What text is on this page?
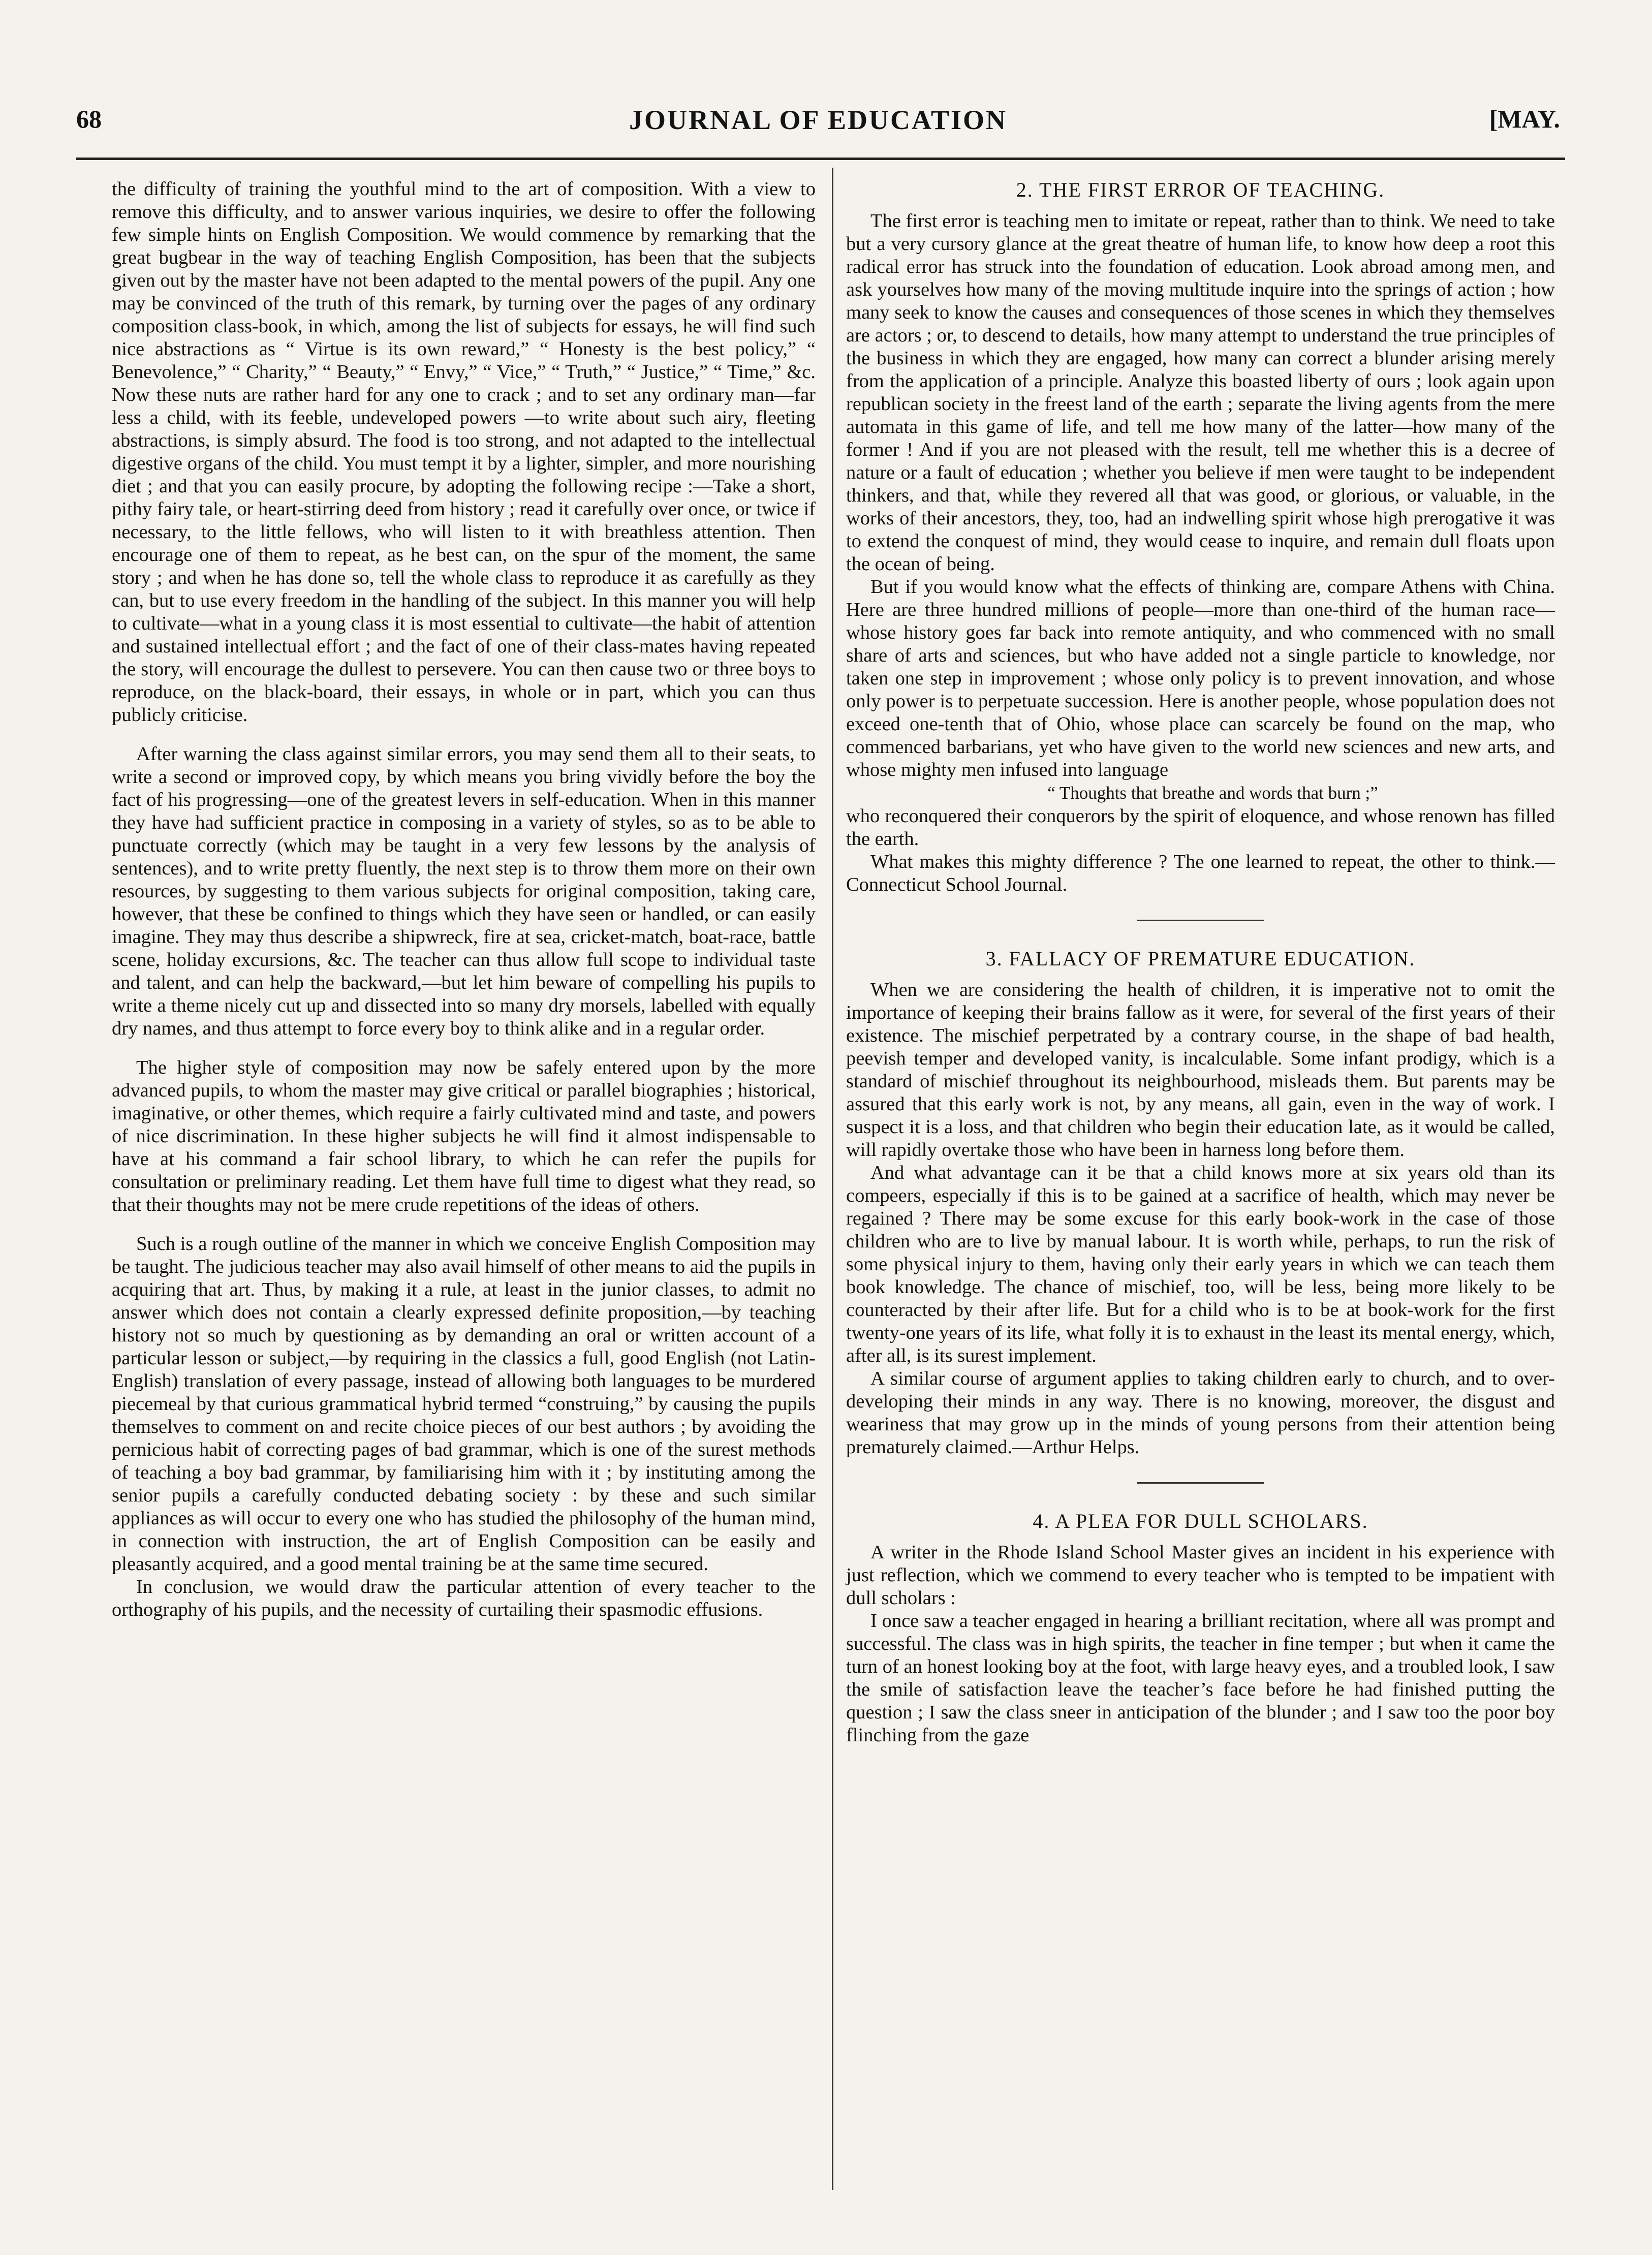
68	JOURNAL OF EDUCATION	[MAY.

the difficulty of training the youthful mind to the art of composition. With a view to remove this difficulty, and to answer various inquiries, we desire to offer the following few simple hints on English Composition. We would commence by remarking that the great bugbear in the way of teaching English Composition, has been that the subjects given out by the master have not been adapted to the mental powers of the pupil. Any one may be convinced of the truth of this remark, by turning over the pages of any ordinary composition class-book, in which, among the list of subjects for essays, he will find such nice abstractions as “ Virtue is its own reward,” “ Honesty is the best policy,” “ Benevolence,” “ Charity,” “ Beauty,” “ Envy,” “ Vice,” “ Truth,” “ Justice,” “ Time,” &c. Now these nuts are rather hard for any one to crack ; and to set any ordinary man—far less a child, with its feeble, undeveloped powers —to write about such airy, fleeting abstractions, is simply absurd. The food is too strong, and not adapted to the intellectual digestive organs of the child. You must tempt it by a lighter, simpler, and more nourishing diet ; and that you can easily procure, by adopting the following recipe :—Take a short, pithy fairy tale, or heart-stirring deed from history ; read it carefully over once, or twice if necessary, to the little fellows, who will listen to it with breathless attention. Then encourage one of them to repeat, as he best can, on the spur of the moment, the same story ; and when he has done so, tell the whole class to reproduce it as carefully as they can, but to use every freedom in the handling of the subject. In this manner you will help to cultivate—what in a young class it is most essential to cultivate—the habit of attention and sustained intellectual effort ; and the fact of one of their class-mates having repeated the story, will encourage the dullest to persevere. You can then cause two or three boys to reproduce, on the black-board, their essays, in whole or in part, which you can thus publicly criticise.

After warning the class against similar errors, you may send them all to their seats, to write a second or improved copy, by which means you bring vividly before the boy the fact of his progressing—one of the greatest levers in self-education. When in this manner they have had sufficient practice in composing in a variety of styles, so as to be able to punctuate correctly (which may be taught in a very few lessons by the analysis of sentences), and to write pretty fluently, the next step is to throw them more on their own resources, by suggesting to them various subjects for original composition, taking care, however, that these be confined to things which they have seen or handled, or can easily imagine. They may thus describe a shipwreck, fire at sea, cricket-match, boat-race, battle scene, holiday excursions, &c. The teacher can thus allow full scope to individual taste and talent, and can help the backward,—but let him beware of compelling his pupils to write a theme nicely cut up and dissected into so many dry morsels, labelled with equally dry names, and thus attempt to force every boy to think alike and in a regular order.

The higher style of composition may now be safely entered upon by the more advanced pupils, to whom the master may give critical or parallel biographies ; historical, imaginative, or other themes, which require a fairly cultivated mind and taste, and powers of nice discrimination. In these higher subjects he will find it almost indispensable to have at his command a fair school library, to which he can refer the pupils for consultation or preliminary reading. Let them have full time to digest what they read, so that their thoughts may not be mere crude repetitions of the ideas of others.

Such is a rough outline of the manner in which we conceive English Composition may be taught. The judicious teacher may also avail himself of other means to aid the pupils in acquiring that art. Thus, by making it a rule, at least in the junior classes, to admit no answer which does not contain a clearly expressed definite proposition,—by teaching history not so much by questioning as by demanding an oral or written account of a particular lesson or subject,—by requiring in the classics a full, good English (not Latin-English) translation of every passage, instead of allowing both languages to be murdered piecemeal by that curious grammatical hybrid termed “construing,” by causing the pupils themselves to comment on and recite choice pieces of our best authors ; by avoiding the pernicious habit of correcting pages of bad grammar, which is one of the surest methods of teaching a boy bad grammar, by familiarising him with it ; by instituting among the senior pupils a carefully conducted debating society : by these and such similar appliances as will occur to every one who has studied the philosophy of the human mind, in connection with instruction, the art of English Composition can be easily and pleasantly acquired, and a good mental training be at the same time secured.

In conclusion, we would draw the particular attention of every teacher to the orthography of his pupils, and the necessity of curtailing their spasmodic effusions.

2. THE FIRST ERROR OF TEACHING.

The first error is teaching men to imitate or repeat, rather than to think. We need to take but a very cursory glance at the great theatre of human life, to know how deep a root this radical error has struck into the foundation of education. Look abroad among men, and ask yourselves how many of the moving multitude inquire into the springs of action ; how many seek to know the causes and consequences of those scenes in which they themselves are actors ; or, to descend to details, how many attempt to understand the true principles of the business in which they are engaged, how many can correct a blunder arising merely from the application of a principle. Analyze this boasted liberty of ours ; look again upon republican society in the freest land of the earth ; separate the living agents from the mere automata in this game of life, and tell me how many of the latter—how many of the former ! And if you are not pleased with the result, tell me whether this is a decree of nature or a fault of education ; whether you believe if men were taught to be independent thinkers, and that, while they revered all that was good, or glorious, or valuable, in the works of their ancestors, they, too, had an indwelling spirit whose high prerogative it was to extend the conquest of mind, they would cease to inquire, and remain dull floats upon the ocean of being.

But if you would know what the effects of thinking are, compare Athens with China. Here are three hundred millions of people—more than one-third of the human race—whose history goes far back into remote antiquity, and who commenced with no small share of arts and sciences, but who have added not a single particle to knowledge, nor taken one step in improvement ; whose only policy is to prevent innovation, and whose only power is to perpetuate succession. Here is another people, whose population does not exceed one-tenth that of Ohio, whose place can scarcely be found on the map, who commenced barbarians, yet who have given to the world new sciences and new arts, and whose mighty men infused into language

“ Thoughts that breathe and words that burn ;”

who reconquered their conquerors by the spirit of eloquence, and whose renown has filled the earth.

What makes this mighty difference ? The one learned to repeat, the other to think.—Connecticut School Journal.

3. FALLACY OF PREMATURE EDUCATION.

When we are considering the health of children, it is imperative not to omit the importance of keeping their brains fallow as it were, for several of the first years of their existence. The mischief perpetrated by a contrary course, in the shape of bad health, peevish temper and developed vanity, is incalculable. Some infant prodigy, which is a standard of mischief throughout its neighbourhood, misleads them. But parents may be assured that this early work is not, by any means, all gain, even in the way of work. I suspect it is a loss, and that children who begin their education late, as it would be called, will rapidly overtake those who have been in harness long before them.

And what advantage can it be that a child knows more at six years old than its compeers, especially if this is to be gained at a sacrifice of health, which may never be regained ? There may be some excuse for this early book-work in the case of those children who are to live by manual labour. It is worth while, perhaps, to run the risk of some physical injury to them, having only their early years in which we can teach them book knowledge. The chance of mischief, too, will be less, being more likely to be counteracted by their after life. But for a child who is to be at book-work for the first twenty-one years of its life, what folly it is to exhaust in the least its mental energy, which, after all, is its surest implement.

A similar course of argument applies to taking children early to church, and to over-developing their minds in any way. There is no knowing, moreover, the disgust and weariness that may grow up in the minds of young persons from their attention being prematurely claimed.—Arthur Helps.

4. A PLEA FOR DULL SCHOLARS.

A writer in the Rhode Island School Master gives an incident in his experience with just reflection, which we commend to every teacher who is tempted to be impatient with dull scholars :

I once saw a teacher engaged in hearing a brilliant recitation, where all was prompt and successful. The class was in high spirits, the teacher in fine temper ; but when it came the turn of an honest looking boy at the foot, with large heavy eyes, and a troubled look, I saw the smile of satisfaction leave the teacher’s face before he had finished putting the question ; I saw the class sneer in anticipation of the blunder ; and I saw too the poor boy flinching from the gaze
